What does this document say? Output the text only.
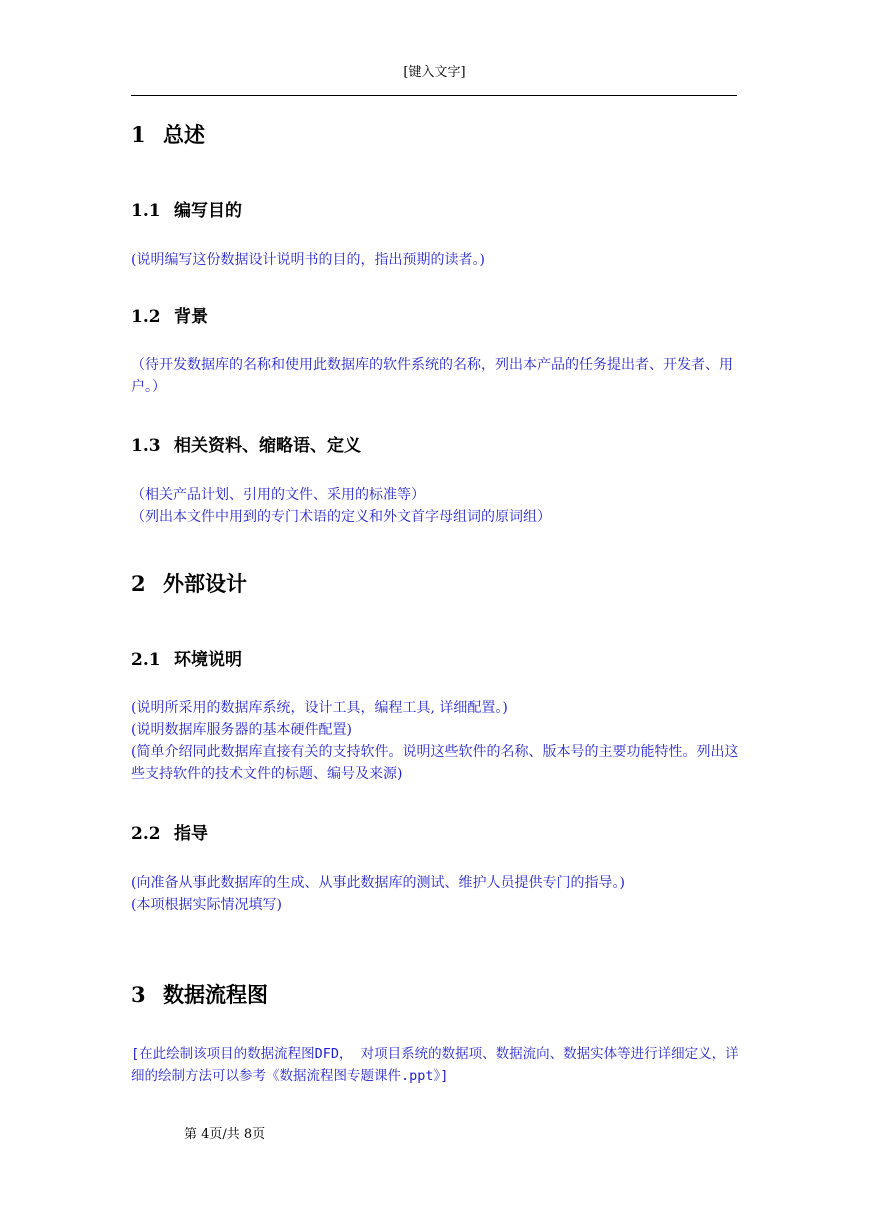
[键入文字]
1 总述
1.1 编写目的

(说明编写这份数据设计说明书的目的，指出预期的读者。)

1.2 背景

（待开发数据库的名称和使用此数据库的软件系统的名称，列出本产品的任务提出者、开发者、用户。）

1.3 相关资料、缩略语、定义

（相关产品计划、引用的文件、采用的标准等）

（列出本文件中用到的专门术语的定义和外文首字母组词的原词组）

2 外部设计
2.1 环境说明

(说明所采用的数据库系统，设计工具，编程工具, 详细配置。)

(说明数据库服务器的基本硬件配置)

(简单介绍同此数据库直接有关的支持软件。说明这些软件的名称、版本号的主要功能特性。列出这些支持软件的技术文件的标题、编号及来源)

2.2 指导

(向准备从事此数据库的生成、从事此数据库的测试、维护人员提供专门的指导。)

(本项根据实际情况填写)

3 数据流程图

[在此绘制该项目的数据流程图DFD， 对项目系统的数据项、数据流向、数据实体等进行详细定义，详细的绘制方法可以参考《数据流程图专题课件.ppt》]

第 4页/共 8页
